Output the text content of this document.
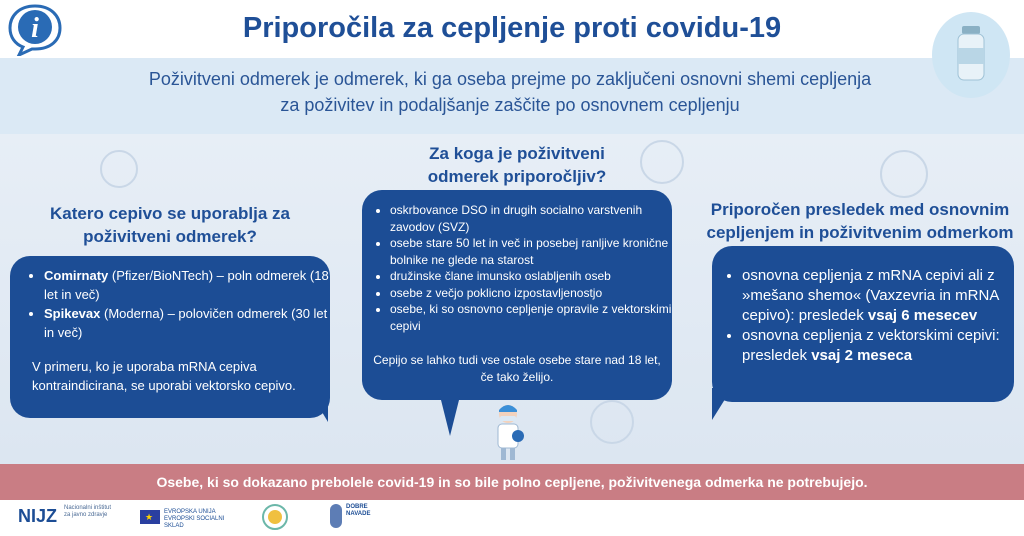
i	Priporočila za cepljenje proti covidu-19

Poživitveni odmerek je odmerek, ki ga oseba prejme po zaključeni osnovni shemi cepljenja
za poživitev in podaljšanje zaščite po osnovnem cepljenju

Katero cepivo se uporablja za
poživitveni odmerek?
• Comirnaty (Pfizer/BioNTech) – poln odmerek (18 let in več)
• Spikevax (Moderna) – polovičen odmerek (30 let in več)

V primeru, ko je uporaba mRNA cepiva kontraindicirana, se uporabi vektorsko cepivo.

Za koga je poživitveni
odmerek priporočljiv?
• oskrbovance DSO in drugih socialno varstvenih zavodov (SVZ)
• osebe stare 50 let in več in posebej ranljive kronične bolnike ne glede na starost
• družinske člane imunsko oslabljenih oseb
• osebe z večjo poklicno izpostavljenostjo
• osebe, ki so osnovno cepljenje opravile z vektorskimi cepivi

Cepijo se lahko tudi vse ostale osebe stare nad 18 let, če tako želijo.

Priporočen presledek med osnovnim
cepljenjem in poživitvenim odmerkom
• osnovna cepljenja z mRNA cepivi ali z »mešano shemo« (Vaxzevria in mRNA cepivo): presledek vsaj 6 mesecev
• osnovna cepljenja z vektorskimi cepivi: presledek vsaj 2 meseca

Osebe, ki so dokazano prebolele covid-19 in so bile polno cepljene, poživitvenega odmerka ne potrebujejo.

NIJZ Nacionalni inštitut za javno zdravje	★ EVROPSKA UNIJA EVROPSKI SOCIALNI SKLAD
DOBRE NAVADE
